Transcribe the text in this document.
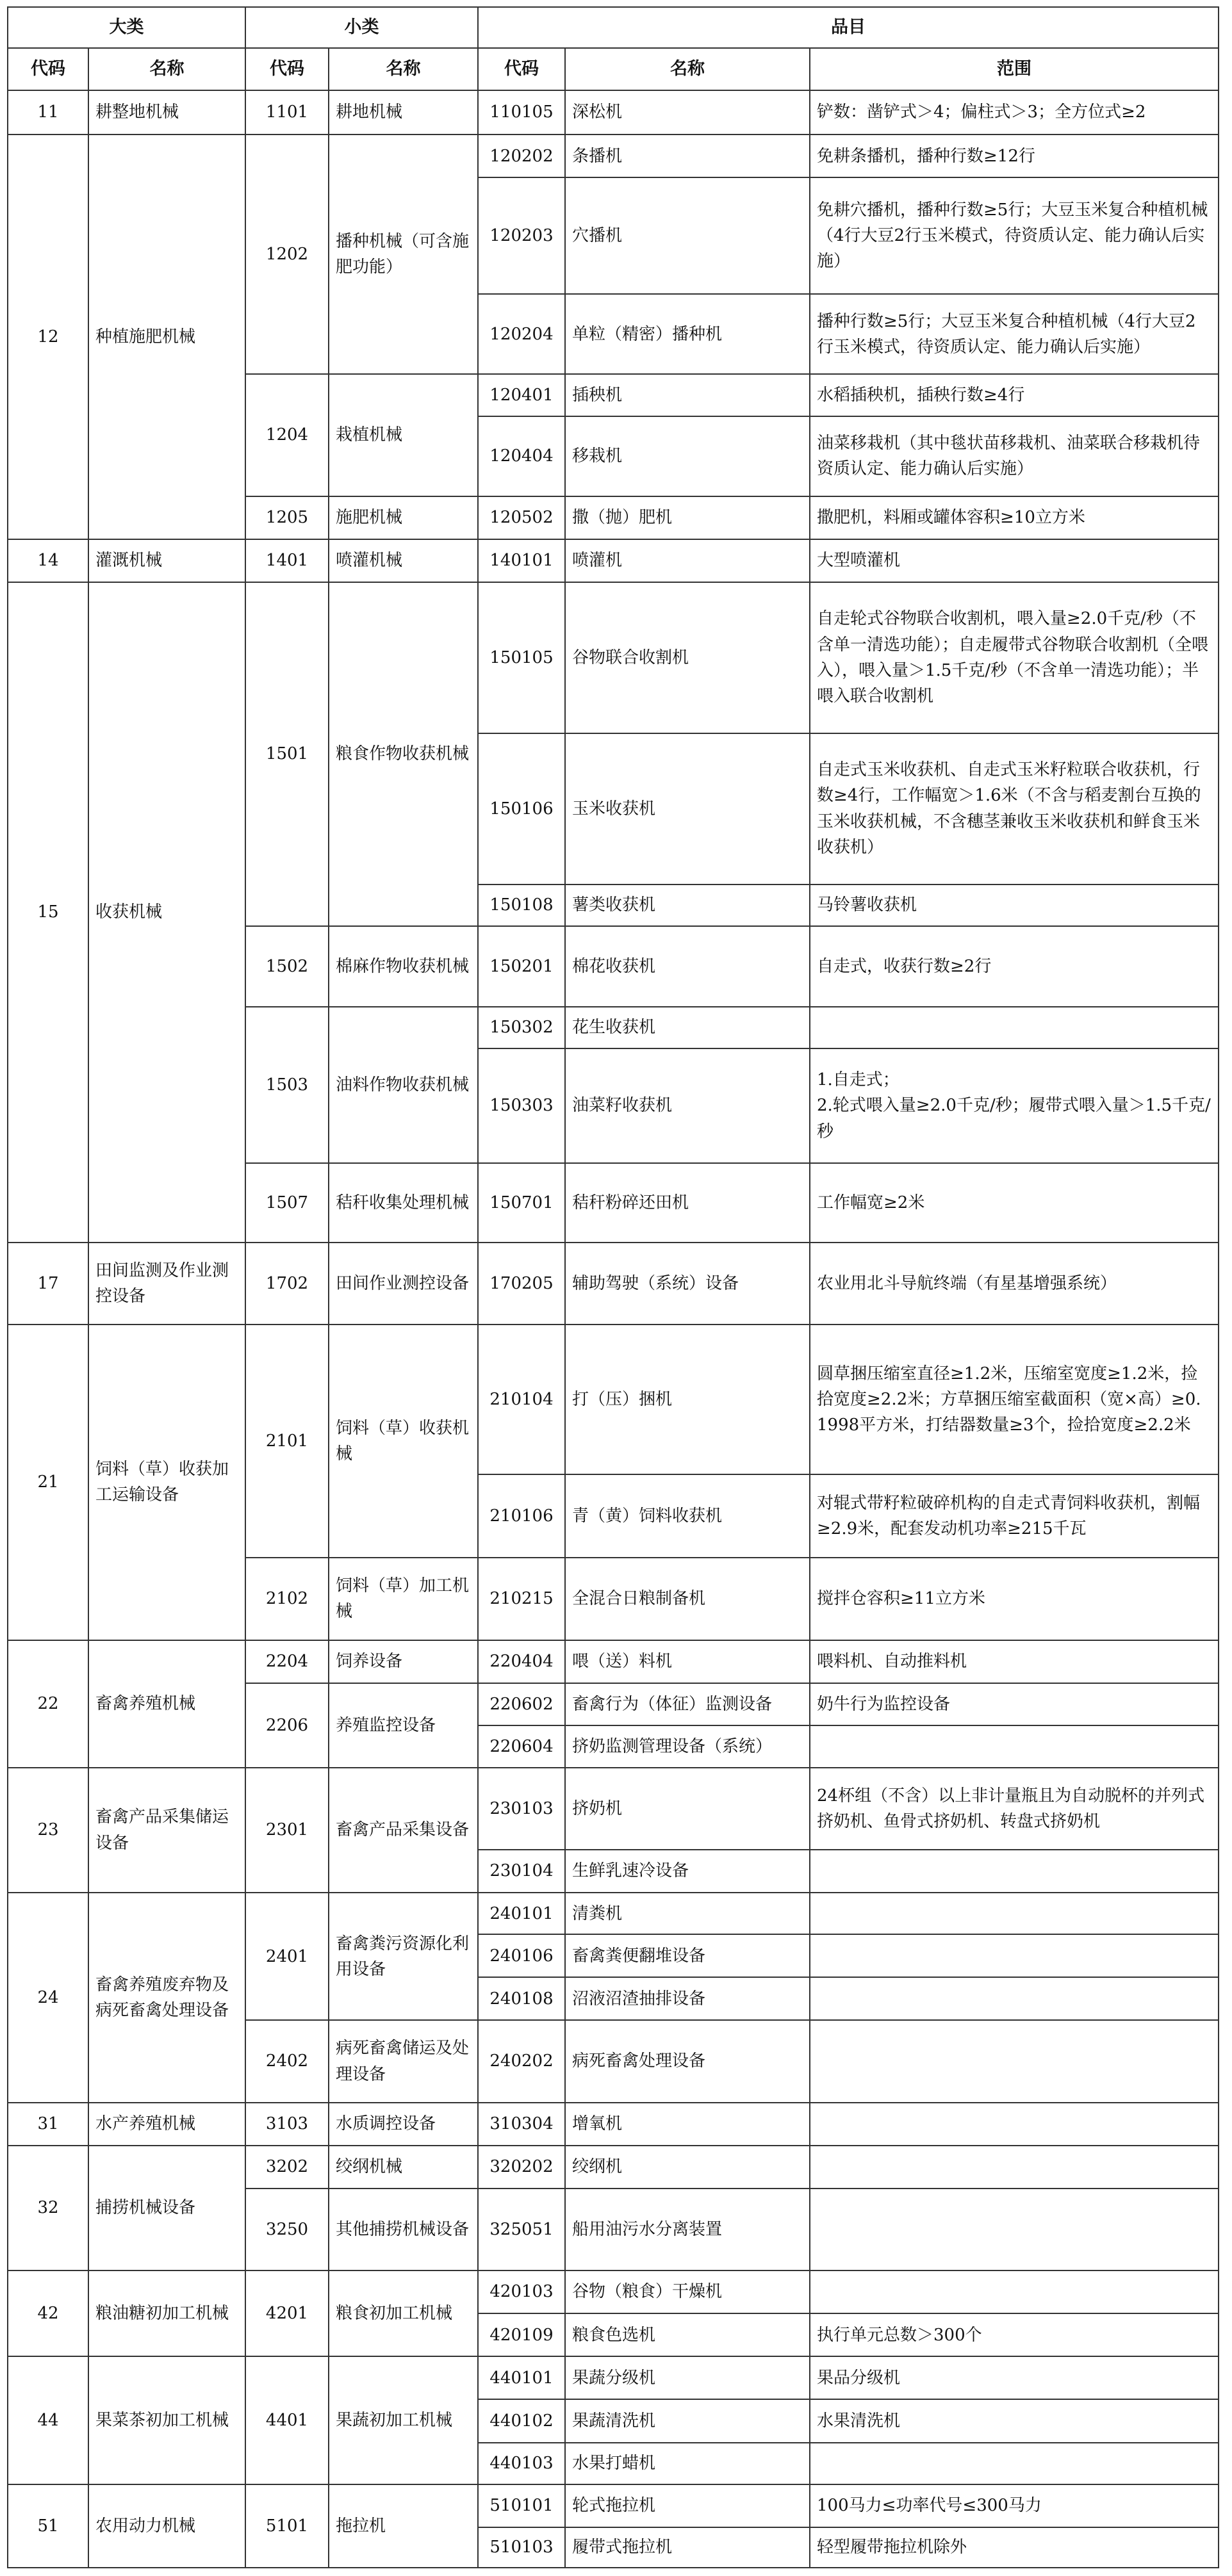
大类		小类		品目		
代码	名称	代码	名称	代码	名称	范围
11	耕整地机械	1101	耕地机械	110105	深松机	铲数：凿铲式＞4；偏柱式＞3；全方位式≥2
12	种植施肥机械	1202	播种机械（可含施肥功能）	120202	条播机	免耕条播机，播种行数≥12行
				120203	穴播机	免耕穴播机，播种行数≥5行；大豆玉米复合种植机械（4行大豆2行玉米模式，待资质认定、能力确认后实施）
				120204	单粒（精密）播种机	播种行数≥5行；大豆玉米复合种植机械（4行大豆2行玉米模式，待资质认定、能力确认后实施）
		1204	栽植机械	120401	插秧机	水稻插秧机，插秧行数≥4行
				120404	移栽机	油菜移栽机（其中毯状苗移栽机、油菜联合移栽机待资质认定、能力确认后实施）
		1205	施肥机械	120502	撒（抛）肥机	撒肥机，料厢或罐体容积≥10立方米
14	灌溉机械	1401	喷灌机械	140101	喷灌机	大型喷灌机
15	收获机械	1501	粮食作物收获机械	150105	谷物联合收割机	自走轮式谷物联合收割机，喂入量≥2.0千克/秒（不含单一清选功能）；自走履带式谷物联合收割机（全喂入），喂入量＞1.5千克/秒（不含单一清选功能）；半喂入联合收割机
				150106	玉米收获机	自走式玉米收获机、自走式玉米籽粒联合收获机，行数≥4行，工作幅宽＞1.6米（不含与稻麦割台互换的玉米收获机械，不含穗茎兼收玉米收获机和鲜食玉米收获机）
				150108	薯类收获机	马铃薯收获机
		1502	棉麻作物收获机械	150201	棉花收获机	自走式，收获行数≥2行
		1503	油料作物收获机械	150302	花生收获机	
				150303	油菜籽收获机	1.自走式；
2.轮式喂入量≥2.0千克/秒；履带式喂入量＞1.5千克/秒
		1507	秸秆收集处理机械	150701	秸秆粉碎还田机	工作幅宽≥2米
17	田间监测及作业测控设备	1702	田间作业测控设备	170205	辅助驾驶（系统）设备	农业用北斗导航终端（有星基增强系统）
21	饲料（草）收获加工运输设备	2101	饲料（草）收获机械	210104	打（压）捆机	圆草捆压缩室直径≥1.2米，压缩室宽度≥1.2米，捡拾宽度≥2.2米；方草捆压缩室截面积（宽×高）≥0.1998平方米，打结器数量≥3个，捡拾宽度≥2.2米
				210106	青（黄）饲料收获机	对辊式带籽粒破碎机构的自走式青饲料收获机，割幅≥2.9米，配套发动机功率≥215千瓦
		2102	饲料（草）加工机械	210215	全混合日粮制备机	搅拌仓容积≥11立方米
22	畜禽养殖机械	2204	饲养设备	220404	喂（送）料机	喂料机、自动推料机
		2206	养殖监控设备	220602	畜禽行为（体征）监测设备	奶牛行为监控设备
				220604	挤奶监测管理设备（系统）	
23	畜禽产品采集储运设备	2301	畜禽产品采集设备	230103	挤奶机	24杯组（不含）以上非计量瓶且为自动脱杯的并列式挤奶机、鱼骨式挤奶机、转盘式挤奶机
				230104	生鲜乳速冷设备	
24	畜禽养殖废弃物及病死畜禽处理设备	2401	畜禽粪污资源化利用设备	240101	清粪机	
				240106	畜禽粪便翻堆设备	
				240108	沼液沼渣抽排设备	
		2402	病死畜禽储运及处理设备	240202	病死畜禽处理设备	
31	水产养殖机械	3103	水质调控设备	310304	增氧机	
32	捕捞机械设备	3202	绞纲机械	320202	绞纲机	
		3250	其他捕捞机械设备	325051	船用油污水分离装置	
42	粮油糖初加工机械	4201	粮食初加工机械	420103	谷物（粮食）干燥机	
				420109	粮食色选机	执行单元总数＞300个
44	果菜茶初加工机械	4401	果蔬初加工机械	440101	果蔬分级机	果品分级机
				440102	果蔬清洗机	水果清洗机
				440103	水果打蜡机	
51	农用动力机械	5101	拖拉机	510101	轮式拖拉机	100马力≤功率代号≤300马力
				510103	履带式拖拉机	轻型履带拖拉机除外
